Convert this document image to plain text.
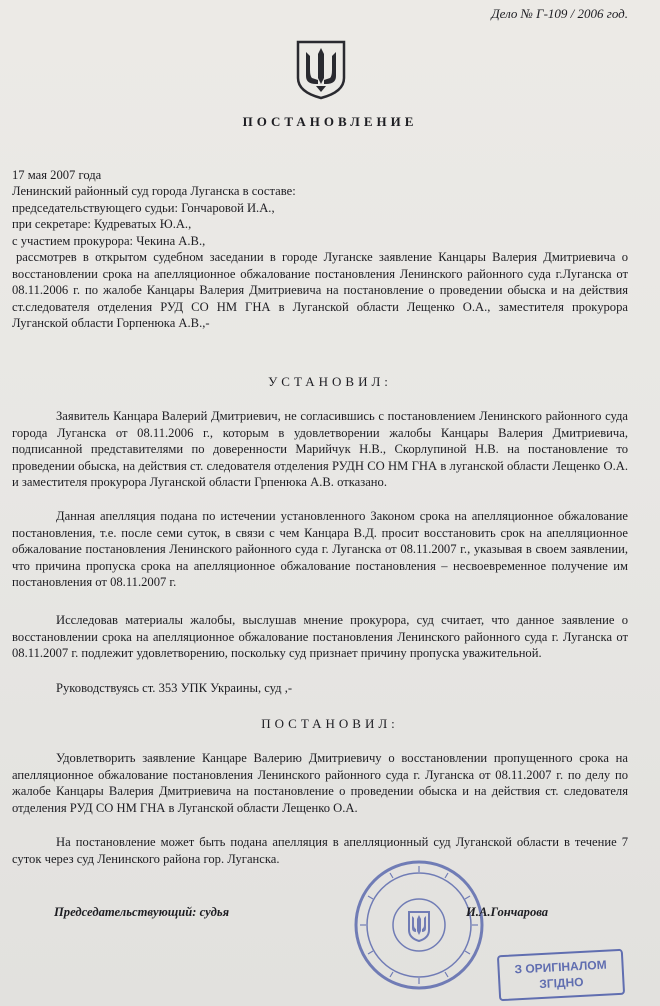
Дело № Г-109 / 2006 год.
ПОСТАНОВЛЕНИЕ
17 мая 2007 года
Ленинский районный суд города Луганска в составе:
председательствующего судьи: Гончаровой И.А.,
при секретаре: Кудреватых Ю.А.,
с участием прокурора: Чекина А.В.,
рассмотрев в открытом судебном заседании в городе Луганске заявление Канцары Валерия Дмитриевича о восстановлении срока на апелляционное обжалование постановления Ленинского районного суда г.Луганска от 08.11.2006 г. по жалобе Канцары Валерия Дмитриевича на постановление о проведении обыска и на действия ст.следователя отделения РУД СО НМ ГНА в Луганской области Лещенко О.А., заместителя прокурора Луганской области Горпенюка А.В.,-
УСТАНОВИЛ:
Заявитель Канцара Валерий Дмитриевич, не согласившись с постановлением Ленинского районного суда города Луганска от 08.11.2006 г., которым в удовлетворении жалобы Канцары Валерия Дмитриевича, подписанной представителями по доверенности Марийчук Н.В., Скорлупиной Н.В. на постановление то проведении обыска, на действия ст. следователя отделения РУДН СО НМ ГНА в луганской области Лещенко О.А. и заместителя прокурора Луганской области Грпенюка А.В. отказано.
Данная апелляция подана по истечении установленного Законом срока на апелляционное обжалование постановления, т.е. после семи суток, в связи с чем Канцара В.Д. просит восстановить срок на апелляционное обжалование постановления Ленинского районного суда г. Луганска от 08.11.2007 г., указывая в своем заявлении, что причина пропуска срока на апелляционное обжалование постановления – несвоевременное получение им постановления от 08.11.2007 г.
Исследовав материалы жалобы, выслушав мнение прокурора, суд считает, что данное заявление о восстановлении срока на апелляционное обжалование постановления Ленинского районного суда г. Луганска от 08.11.2007 г. подлежит удовлетворению, поскольку суд признает причину пропуска уважительной.
Руководствуясь ст. 353 УПК Украины, суд ,-
ПОСТАНОВИЛ:
Удовлетворить заявление Канцаре Валерию Дмитриевичу о восстановлении пропущенного срока на апелляционное обжалование постановления Ленинского районного суда г. Луганска от 08.11.2007 г. по делу по жалобе Канцары Валерия Дмитриевича на постановление о проведении обыска и на действия ст. следователя отделения РУД СО НМ ГНА в Луганской области Лещенко О.А.
На постановление может быть подана апелляция в апелляционный суд Луганской области в течение 7 суток через суд Ленинского района гор. Луганска.
Председательствующий: судья	И.А.Гончарова
З ОРИГІНАЛОМ
ЗГІДНО
